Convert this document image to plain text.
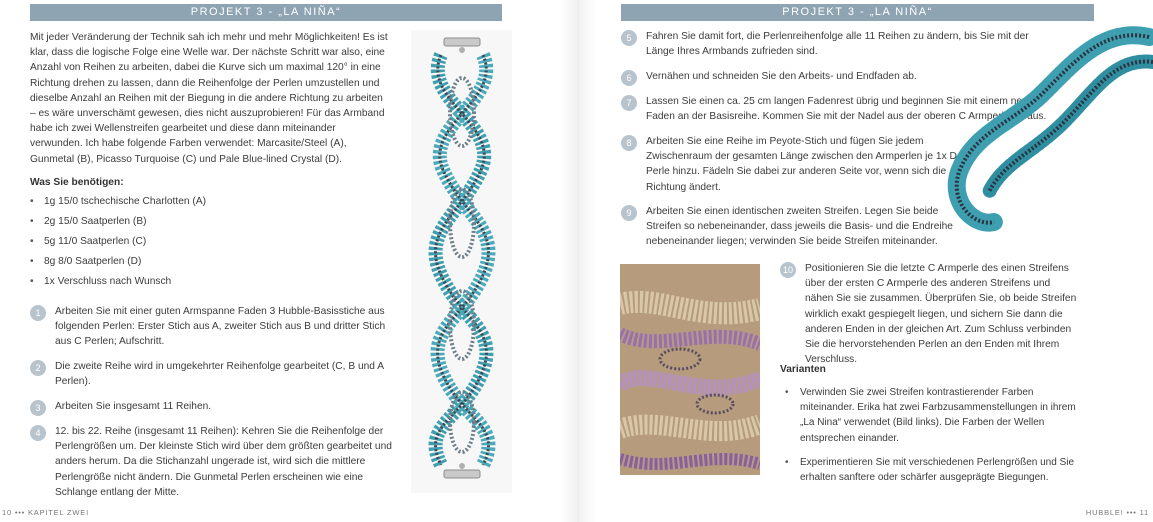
PROJEKT 3 - „LA NIÑA“

Mit jeder Veränderung der Technik sah ich mehr und mehr Möglichkeiten! Es ist klar, dass die logische Folge eine Welle war. Der nächste Schritt war also, eine Anzahl von Reihen zu arbeiten, dabei die Kurve sich um maximal 120° in eine Richtung drehen zu lassen, dann die Reihenfolge der Perlen umzustellen und dieselbe Anzahl an Reihen mit der Biegung in die andere Richtung zu arbeiten – es wäre unverschämt gewesen, dies nicht auszuprobieren! Für das Armband habe ich zwei Wellenstreifen gearbeitet und diese dann miteinander verwunden. Ich habe folgende Farben verwendet: Marcasite/Steel (A), Gunmetal (B), Picasso Turquoise (C) und Pale Blue-lined Crystal (D).

Was Sie benötigen:
• 1g 15/0 tschechische Charlotten (A)
• 2g 15/0 Saatperlen (B)
• 5g 11/0 Saatperlen (C)
• 8g 8/0 Saatperlen (D)
• 1x Verschluss nach Wunsch
1	Arbeiten Sie mit einer guten Armspanne Faden 3 Hubble-Basisstiche aus folgenden Perlen: Erster Stich aus A, zweiter Stich aus B und dritter Stich aus C Perlen; Aufschritt.
2	Die zweite Reihe wird in umgekehrter Reihenfolge gearbeitet (C, B und A Perlen).
3	Arbeiten Sie insgesamt 11 Reihen.
4	12. bis 22. Reihe (insgesamt 11 Reihen): Kehren Sie die Reihenfolge der Perlengrößen um. Der kleinste Stich wird über dem größten gearbeitet und anders herum. Da die Stichanzahl ungerade ist, wird sich die mittlere Perlengröße nicht ändern. Die Gunmetal Perlen erscheinen wie eine Schlange entlang der Mitte.
10 ••• KAPITEL ZWEI
PROJEKT 3 - „LA NIÑA“
5	Fahren Sie damit fort, die Perlenreihenfolge alle 11 Reihen zu ändern, bis Sie mit der Länge Ihres Armbands zufrieden sind.
6	Vernähen und schneiden Sie den Arbeits- und Endfaden ab.
7	Lassen Sie einen ca. 25 cm langen Fadenrest übrig und beginnen Sie mit einem neuen Faden an der Basisreihe. Kommen Sie mit der Nadel aus der oberen C Armperle heraus.
8	Arbeiten Sie eine Reihe im Peyote-Stich und fügen Sie jedem Zwischenraum der gesamten Länge zwischen den Armperlen je 1x D Perle hinzu. Fädeln Sie dabei zur anderen Seite vor, wenn sich die Richtung ändert.
9	Arbeiten Sie einen identischen zweiten Streifen. Legen Sie beide Streifen so nebeneinander, dass jeweils die Basis- und die Endreihe nebeneinander liegen; verwinden Sie beide Streifen miteinander.
10 Positionieren Sie die letzte C Armperle des einen Streifens über der ersten C Armperle des anderen Streifens und nähen Sie sie zusammen. Überprüfen Sie, ob beide Streifen wirklich exakt gespiegelt liegen, und sichern Sie dann die anderen Enden in der gleichen Art. Zum Schluss verbinden Sie die hervorstehenden Perlen an den Enden mit Ihrem Verschluss.
HUBBLE! ••• 11
Varianten
• Verwinden Sie zwei Streifen kontrastierender Farben miteinander. Erika hat zwei Farbzusammenstellungen in ihrem „La Nina“ verwendet (Bild links). Die Farben der Wellen entsprechen einander.
• Experimentieren Sie mit verschiedenen Perlengrößen und Sie erhalten sanftere oder schärfer ausgeprägte Biegungen.
